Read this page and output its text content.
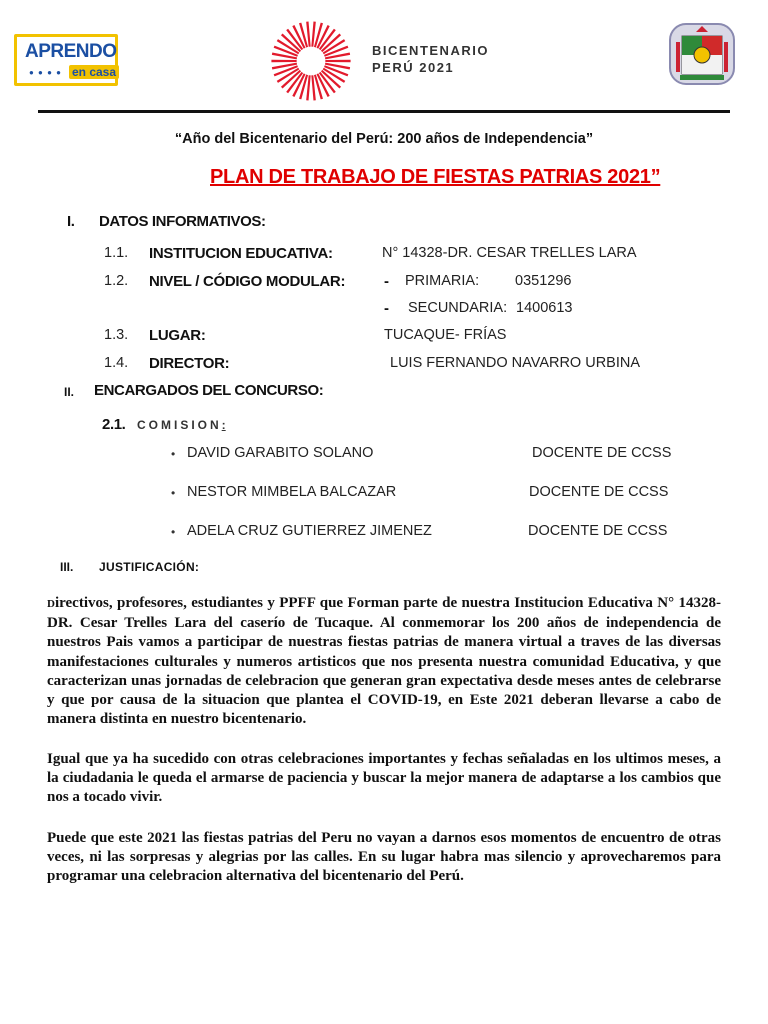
APRENDO
● ● ● ● en casa
BICENTENARIO
PERÚ 2021
“Año del Bicentenario del Perú: 200 años de Independencia”
PLAN DE TRABAJO DE FIESTAS PATRIAS 2021”
I. DATOS INFORMATIVOS:
1.1. INSTITUCION EDUCATIVA:	N° 14328-DR. CESAR TRELLES LARA
1.2. NIVEL / CÓDIGO MODULAR:	- PRIMARIA: 0351296
- SECUNDARIA: 1400613
1.3. LUGAR:	TUCAQUE- FRÍAS
1.4. DIRECTOR:	LUIS FERNANDO NAVARRO URBINA
II. ENCARGADOS DEL CONCURSO:
2.1. COMISION:
• DAVID GARABITO SOLANO	DOCENTE DE CCSS
• NESTOR MIMBELA BALCAZAR	DOCENTE DE CCSS
• ADELA CRUZ GUTIERREZ JIMENEZ	DOCENTE DE CCSS
III. JUSTIFICACIÓN:
Directivos, profesores, estudiantes y PPFF que Forman parte de nuestra Institucion Educativa N° 14328-DR. Cesar Trelles Lara del caserío de Tucaque. Al conmemorar los 200 años de independencia de nuestros Pais vamos a participar de nuestras fiestas patrias de manera virtual a traves de las diversas manifestaciones culturales y numeros artisticos que nos presenta nuestra comunidad Educativa, y que caracterizan unas jornadas de celebracion que generan gran expectativa desde meses antes de celebrarse y que por causa de la situacion que plantea el COVID-19, en Este 2021 deberan llevarse a cabo de manera distinta en nuestro bicentenario.
Igual que ya ha sucedido con otras celebraciones importantes y fechas señaladas en los ultimos meses, a la ciudadania le queda el armarse de paciencia y buscar la mejor manera de adaptarse a los cambios que nos a tocado vivir.
Puede que este 2021 las fiestas patrias del Peru no vayan a darnos esos momentos de encuentro de otras veces, ni las sorpresas y alegrias por las calles. En su lugar habra mas silencio y aprovecharemos para programar una celebracion alternativa del bicentenario del Perú.
